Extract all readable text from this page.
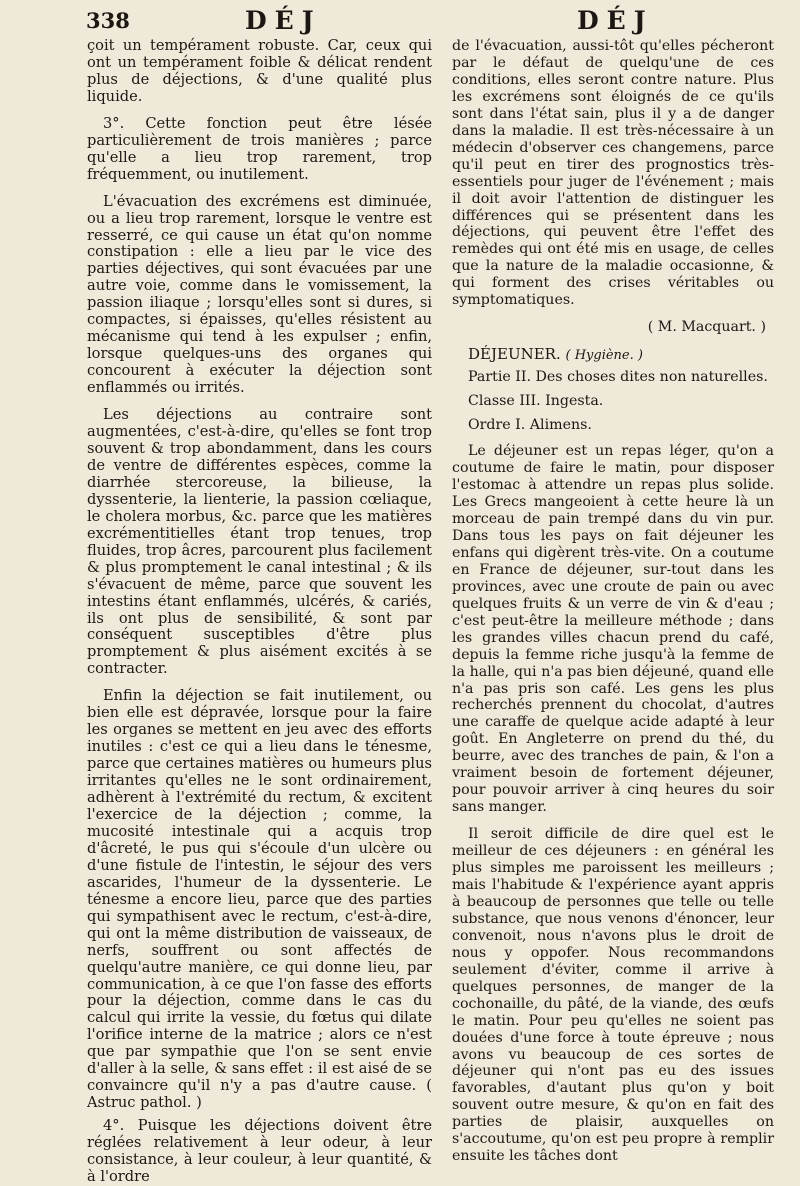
338	DÉJ	DÉJ

çoit un tempérament robuste. Car, ceux qui ont un tempérament foible & délicat rendent plus de déjections, & d'une qualité plus liquide.

3°. Cette fonction peut être lésée particulièrement de trois manières ; parce qu'elle a lieu trop rarement, trop fréquemment, ou inutilement.

L'évacuation des excrémens est diminuée, ou a lieu trop rarement, lorsque le ventre est resserré, ce qui cause un état qu'on nomme constipation : elle a lieu par le vice des parties déjectives, qui sont évacuées par une autre voie, comme dans le vomissement, la passion iliaque ; lorsqu'elles sont si dures, si compactes, si épaisses, qu'elles résistent au mécanisme qui tend à les expulser ; enfin, lorsque quelques-uns des organes qui concourent à exécuter la déjection sont enflammés ou irrités.

Les déjections au contraire sont augmentées, c'est-à-dire, qu'elles se font trop souvent & trop abondamment, dans les cours de ventre de différentes espèces, comme la diarrhée stercoreuse, la bilieuse, la dyssenterie, la lienterie, la passion cœliaque, le cholera morbus, &c. parce que les matières excrémentitielles étant trop tenues, trop fluides, trop âcres, parcourent plus facilement & plus promptement le canal intestinal ; & ils s'évacuent de même, parce que souvent les intestins étant enflammés, ulcérés, & cariés, ils ont plus de sensibilité, & sont par conséquent susceptibles d'être plus promptement & plus aisément excités à se contracter.

Enfin la déjection se fait inutilement, ou bien elle est dépravée, lorsque pour la faire les organes se mettent en jeu avec des efforts inutiles : c'est ce qui a lieu dans le ténesme, parce que certaines matières ou humeurs plus irritantes qu'elles ne le sont ordinairement, adhèrent à l'extrémité du rectum, & excitent l'exercice de la déjection ; comme, la mucosité intestinale qui a acquis trop d'âcreté, le pus qui s'écoule d'un ulcère ou d'une fistule de l'intestin, le séjour des vers ascarides, l'humeur de la dyssenterie. Le ténesme a encore lieu, parce que des parties qui sympathisent avec le rectum, c'est-à-dire, qui ont la même distribution de vaisseaux, de nerfs, souffrent ou sont affectés de quelqu'autre manière, ce qui donne lieu, par communication, à ce que l'on fasse des efforts pour la déjection, comme dans le cas du calcul qui irrite la vessie, du fœtus qui dilate l'orifice interne de la matrice ; alors ce n'est que par sympathie que l'on se sent envie d'aller à la selle, & sans effet : il est aisé de se convaincre qu'il n'y a pas d'autre cause. ( Astruc pathol. )

4°. Puisque les déjections doivent être réglées relativement à leur odeur, à leur consistance, à leur couleur, à leur quantité, & à l'ordre

de l'évacuation, aussi-tôt qu'elles pécheront par le défaut de quelqu'une de ces conditions, elles seront contre nature. Plus les excrémens sont éloignés de ce qu'ils sont dans l'état sain, plus il y a de danger dans la maladie. Il est très-nécessaire à un médecin d'observer ces changemens, parce qu'il peut en tirer des prognostics très-essentiels pour juger de l'événement ; mais il doit avoir l'attention de distinguer les différences qui se présentent dans les déjections, qui peuvent être l'effet des remèdes qui ont été mis en usage, de celles que la nature de la maladie occasionne, & qui forment des crises véritables ou symptomatiques.

( M. Macquart. )

DÉJEUNER. ( Hygiène. )

Partie II. Des choses dites non naturelles.

Classe III. Ingesta.

Ordre I. Alimens.

Le déjeuner est un repas léger, qu'on a coutume de faire le matin, pour disposer l'estomac à attendre un repas plus solide. Les Grecs mangeoient à cette heure là un morceau de pain trempé dans du vin pur. Dans tous les pays on fait déjeuner les enfans qui digèrent très-vite. On a coutume en France de déjeuner, sur-tout dans les provinces, avec une croute de pain ou avec quelques fruits & un verre de vin & d'eau ; c'est peut-être la meilleure méthode ; dans les grandes villes chacun prend du café, depuis la femme riche jusqu'à la femme de la halle, qui n'a pas bien déjeuné, quand elle n'a pas pris son café. Les gens les plus recherchés prennent du chocolat, d'autres une caraffe de quelque acide adapté à leur goût. En Angleterre on prend du thé, du beurre, avec des tranches de pain, & l'on a vraiment besoin de fortement déjeuner, pour pouvoir arriver à cinq heures du soir sans manger.

Il seroit difficile de dire quel est le meilleur de ces déjeuners : en général les plus simples me paroissent les meilleurs ; mais l'habitude & l'expérience ayant appris à beaucoup de personnes que telle ou telle substance, que nous venons d'énoncer, leur convenoit, nous n'avons plus le droit de nous y oppofer. Nous recommandons seulement d'éviter, comme il arrive à quelques personnes, de manger de la cochonaille, du pâté, de la viande, des œufs le matin. Pour peu qu'elles ne soient pas douées d'une force à toute épreuve ; nous avons vu beaucoup de ces sortes de déjeuner qui n'ont pas eu des issues favorables, d'autant plus qu'on y boit souvent outre mesure, & qu'on en fait des parties de plaisir, auxquelles on s'accoutume, qu'on est peu propre à remplir ensuite les tâches dont
